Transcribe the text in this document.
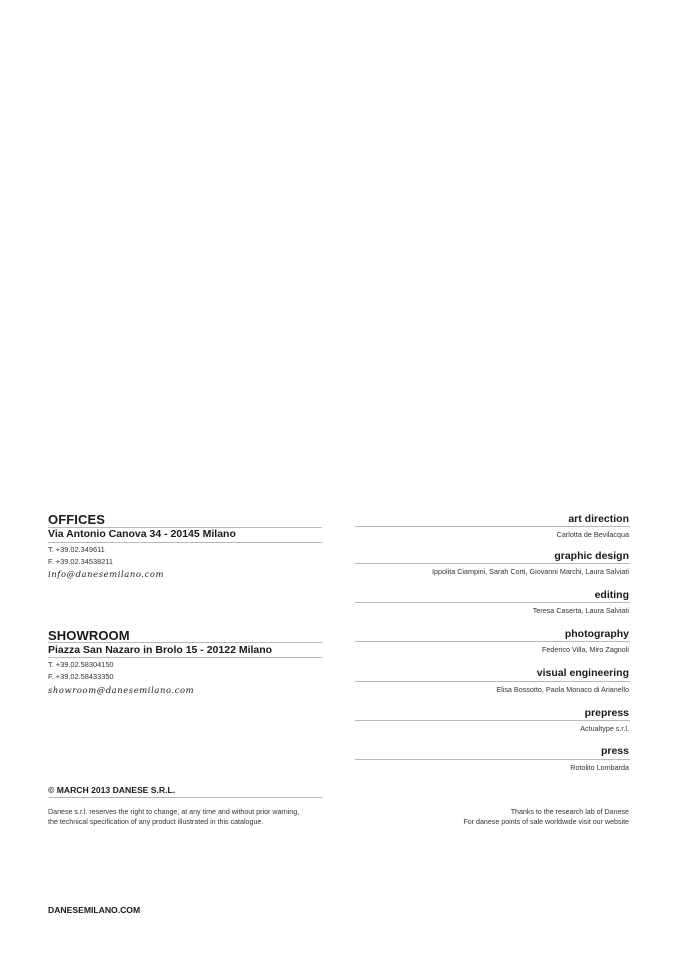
OFFICES
Via Antonio Canova 34 - 20145 Milano
T. +39.02.349611
F. +39.02.34538211
info@danesemilano.com
SHOWROOM
Piazza San Nazaro in Brolo 15 - 20122 Milano
T. +39.02.58304150
F. +39.02.58433350
showroom@danesemilano.com
art direction
Carlotta de Bevilacqua
graphic design
Ippolita Ciampini, Sarah Corti, Giovanni Marchi, Laura Salviati
editing
Teresa Caserta, Laura Salviati
photography
Federico Villa, Miro Zagnoli
visual engineering
Elisa Bossotto, Paola Monaco di Arianello
prepress
Actualtype s.r.l.
press
Rotolito Lombarda
© MARCH 2013 DANESE S.R.L.
Danese s.r.l. reserves the right to change, at any time and without prior warning,
the technical specification of any product illustrated in this catalogue.
Thanks to the research lab of Danese
For danese points of sale worldwide visit our website
DANESEMILANO.COM
